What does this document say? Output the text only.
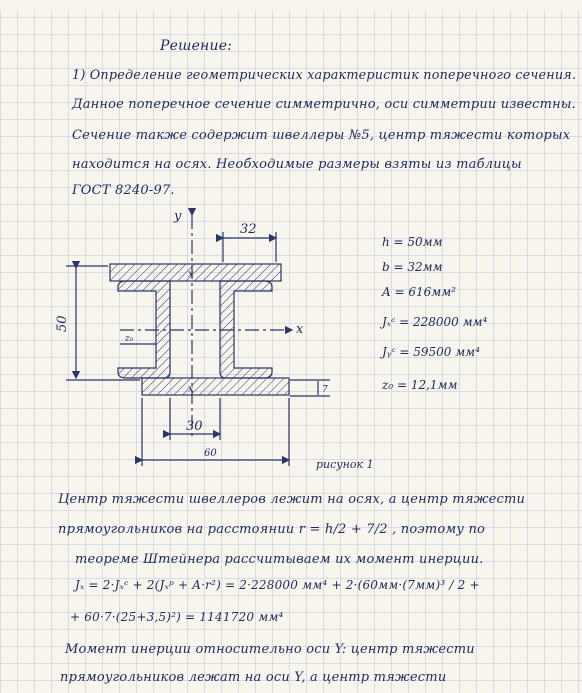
Решение:
1) Определение геометрических характеристик поперечного сечения.
Данное поперечное сечение симметрично, оси симметрии известны.
Сечение также содержит швеллеры №5, центр тяжести которых
находится на осях. Необходимые размеры взяты из таблицы
ГОСТ 8240-97.
x
x
y
x
32
50
z₀
7
30
60
рисунок 1
h = 50мм
b = 32мм
A = 616мм²
Jₓᶜ = 228000 мм⁴
Jᵧᶜ = 59500 мм⁴
z₀ = 12,1мм
Центр тяжести швеллеров лежит на осях, а центр тяжести
прямоугольников на расстоянии r = h/2 + 7/2 , поэтому по
теореме Штейнера рассчитываем их момент инерции.
Jₓ = 2·Jₓᶜ + 2(Jₓᵖ + A·r²) = 2·228000 мм⁴ + 2·(60мм·(7мм)³ / 2 +
+ 60·7·(25+3,5)²) = 1141720 мм⁴
Момент инерции относительно оси Y: центр тяжести
прямоугольников лежат на оси Y, а центр тяжести
